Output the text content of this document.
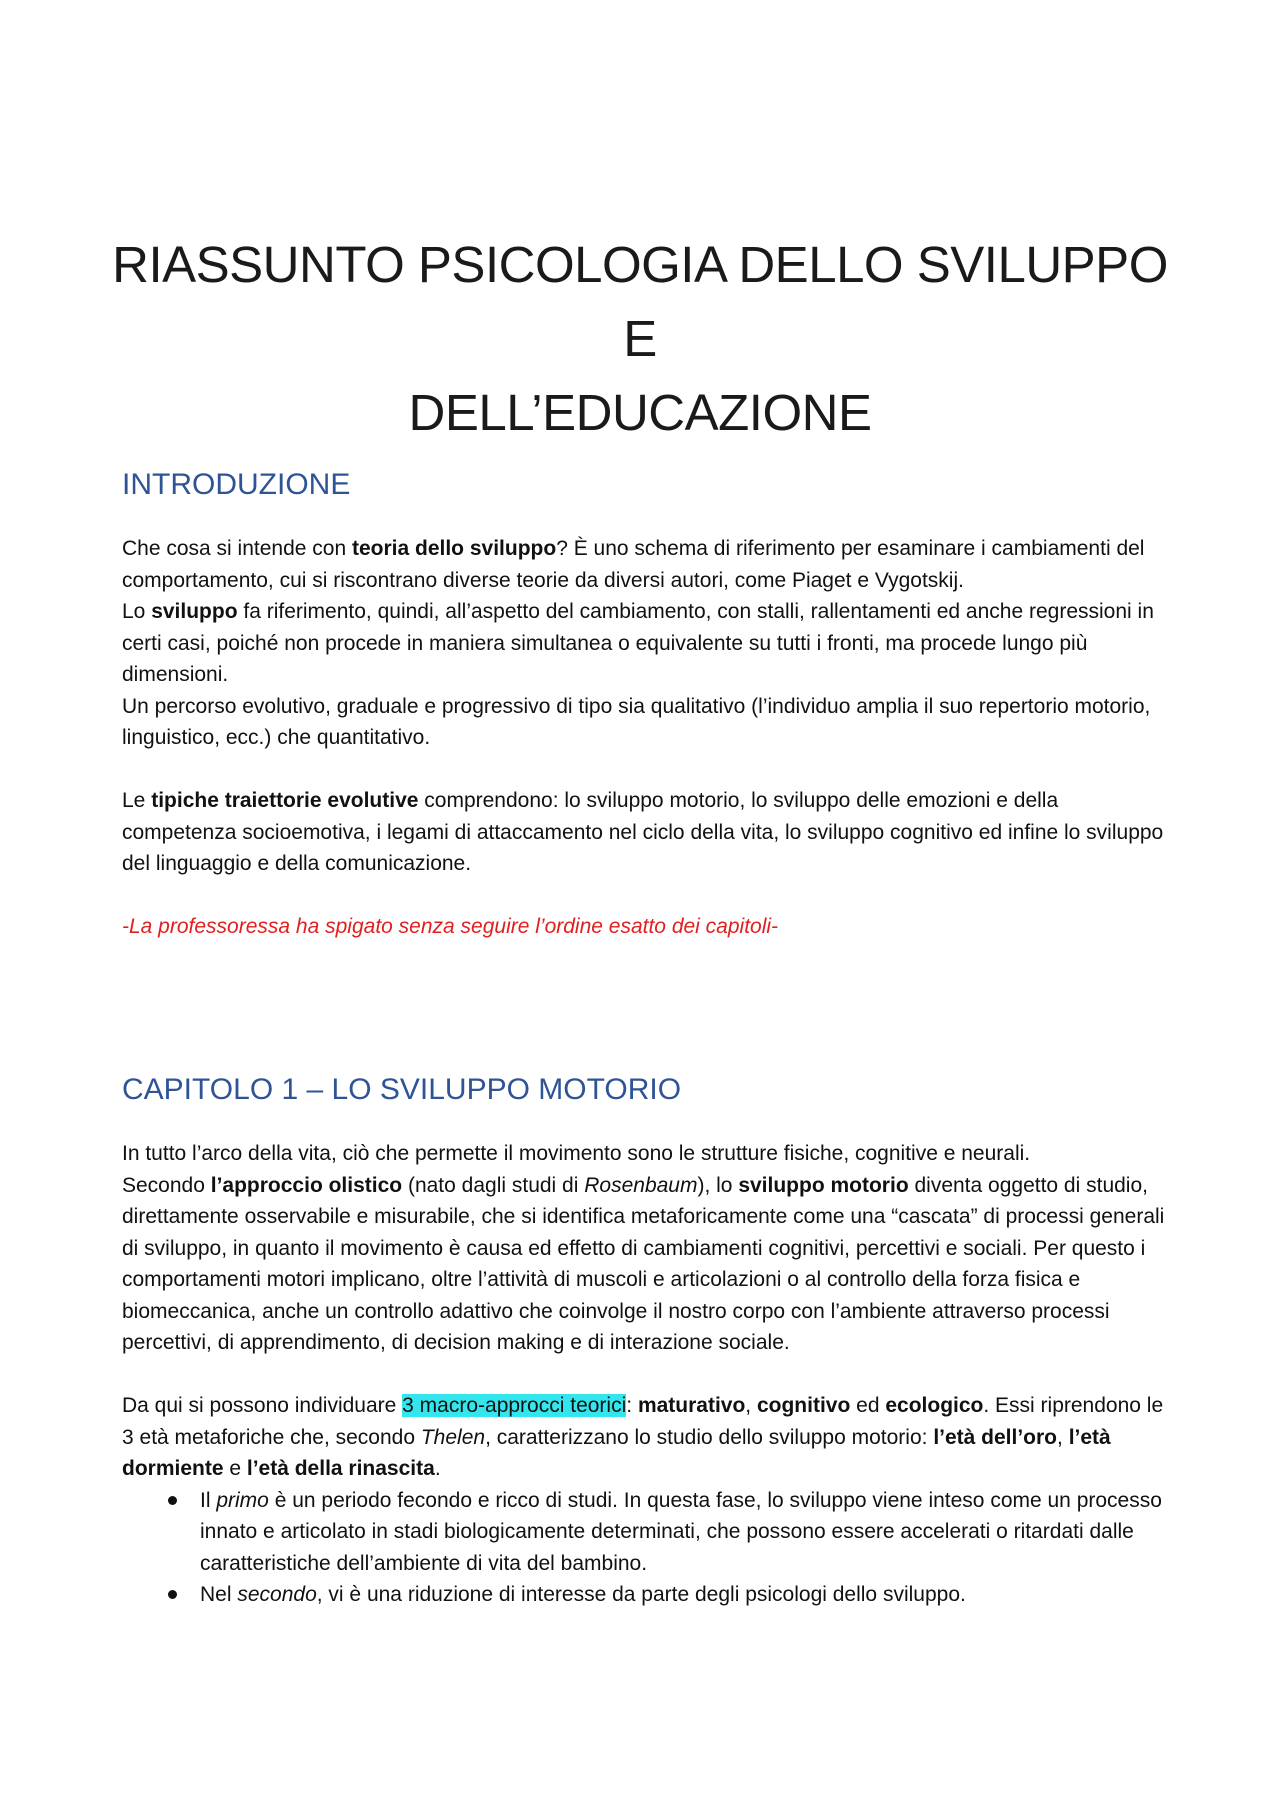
RIASSUNTO PSICOLOGIA DELLO SVILUPPO E
DELL’EDUCAZIONE
INTRODUZIONE

Che cosa si intende con teoria dello sviluppo? È uno schema di riferimento per esaminare i cambiamenti del comportamento, cui si riscontrano diverse teorie da diversi autori, come Piaget e Vygotskij.

Lo sviluppo fa riferimento, quindi, all’aspetto del cambiamento, con stalli, rallentamenti ed anche regressioni in certi casi, poiché non procede in maniera simultanea o equivalente su tutti i fronti, ma procede lungo più dimensioni.

Un percorso evolutivo, graduale e progressivo di tipo sia qualitativo (l’individuo amplia il suo repertorio motorio, linguistico, ecc.) che quantitativo.

Le tipiche traiettorie evolutive comprendono: lo sviluppo motorio, lo sviluppo delle emozioni e della competenza socioemotiva, i legami di attaccamento nel ciclo della vita, lo sviluppo cognitivo ed infine lo sviluppo del linguaggio e della comunicazione.

-La professoressa ha spigato senza seguire l’ordine esatto dei capitoli-

CAPITOLO 1 – LO SVILUPPO MOTORIO

In tutto l’arco della vita, ciò che permette il movimento sono le strutture fisiche, cognitive e neurali.

Secondo l’approccio olistico (nato dagli studi di Rosenbaum), lo sviluppo motorio diventa oggetto di studio, direttamente osservabile e misurabile, che si identifica metaforicamente come una “cascata” di processi generali di sviluppo, in quanto il movimento è causa ed effetto di cambiamenti cognitivi, percettivi e sociali. Per questo i comportamenti motori implicano, oltre l’attività di muscoli e articolazioni o al controllo della forza fisica e biomeccanica, anche un controllo adattivo che coinvolge il nostro corpo con l’ambiente attraverso processi percettivi, di apprendimento, di decision making e di interazione sociale.

Da qui si possono individuare 3 macro-approcci teorici: maturativo, cognitivo ed ecologico. Essi riprendono le 3 età metaforiche che, secondo Thelen, caratterizzano lo studio dello sviluppo motorio: l’età dell’oro, l’età dormiente e l’età della rinascita.

Il primo è un periodo fecondo e ricco di studi. In questa fase, lo sviluppo viene inteso come un processo innato e articolato in stadi biologicamente determinati, che possono essere accelerati o ritardati dalle caratteristiche dell’ambiente di vita del bambino.
Nel secondo, vi è una riduzione di interesse da parte degli psicologi dello sviluppo.
